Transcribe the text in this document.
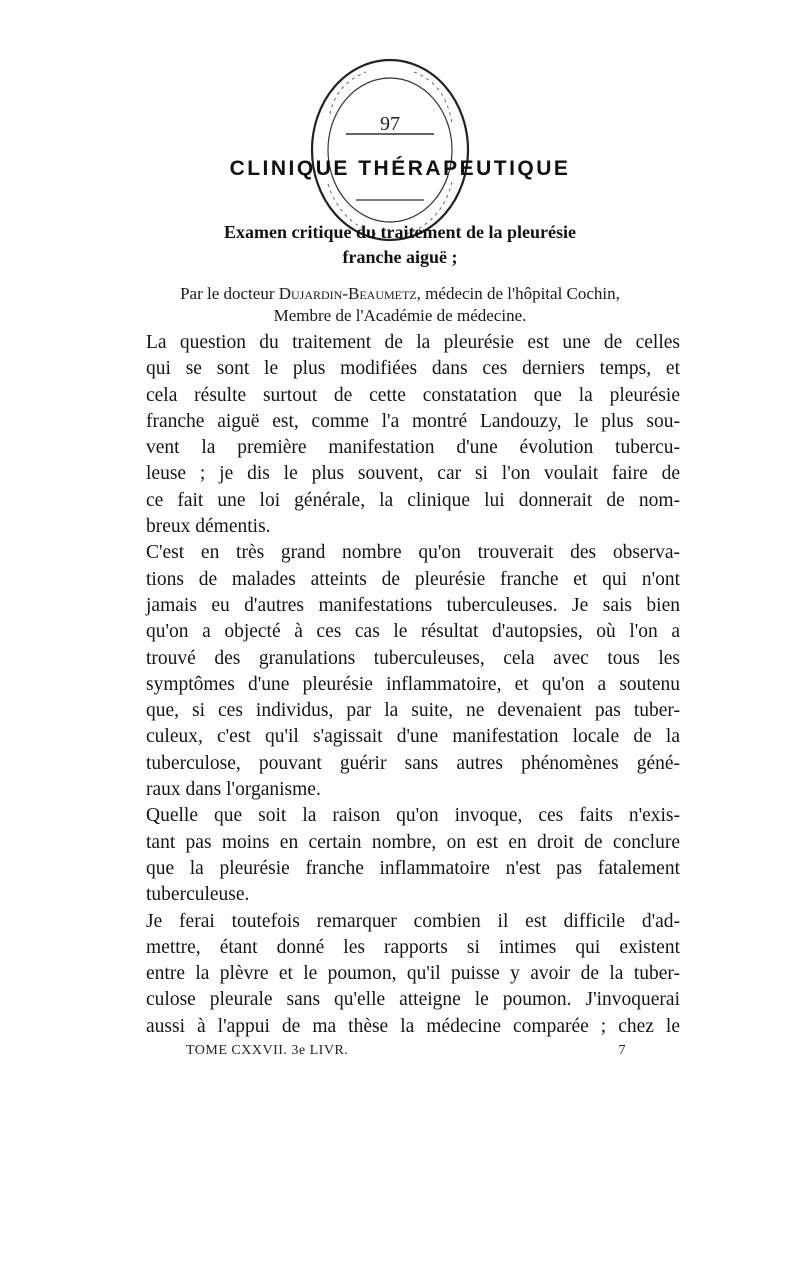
97
CLINIQUE THÉRAPEUTIQUE
Examen critique du traitement de la pleurésie
franche aiguë ;
Par le docteur Dujardin-Beaumetz, médecin de l'hôpital Cochin,
Membre de l'Académie de médecine.
La question du traitement de la pleurésie est une de celles
qui se sont le plus modifiées dans ces derniers temps, et
cela résulte surtout de cette constatation que la pleurésie
franche aiguë est, comme l'a montré Landouzy, le plus sou-
vent la première manifestation d'une évolution tubercu-
leuse ; je dis le plus souvent, car si l'on voulait faire de
ce fait une loi générale, la clinique lui donnerait de nom-
breux démentis.
C'est en très grand nombre qu'on trouverait des observa-
tions de malades atteints de pleurésie franche et qui n'ont
jamais eu d'autres manifestations tuberculeuses. Je sais bien
qu'on a objecté à ces cas le résultat d'autopsies, où l'on a
trouvé des granulations tuberculeuses, cela avec tous les
symptômes d'une pleurésie inflammatoire, et qu'on a soutenu
que, si ces individus, par la suite, ne devenaient pas tuber-
culeux, c'est qu'il s'agissait d'une manifestation locale de la
tuberculose, pouvant guérir sans autres phénomènes géné-
raux dans l'organisme.
Quelle que soit la raison qu'on invoque, ces faits n'exis-
tant pas moins en certain nombre, on est en droit de conclure
que la pleurésie franche inflammatoire n'est pas fatalement
tuberculeuse.
Je ferai toutefois remarquer combien il est difficile d'ad-
mettre, étant donné les rapports si intimes qui existent
entre la plèvre et le poumon, qu'il puisse y avoir de la tuber-
culose pleurale sans qu'elle atteigne le poumon. J'invoquerai
aussi à l'appui de ma thèse la médecine comparée ; chez le
TOME CXXVII. 3e LIVR.	7
